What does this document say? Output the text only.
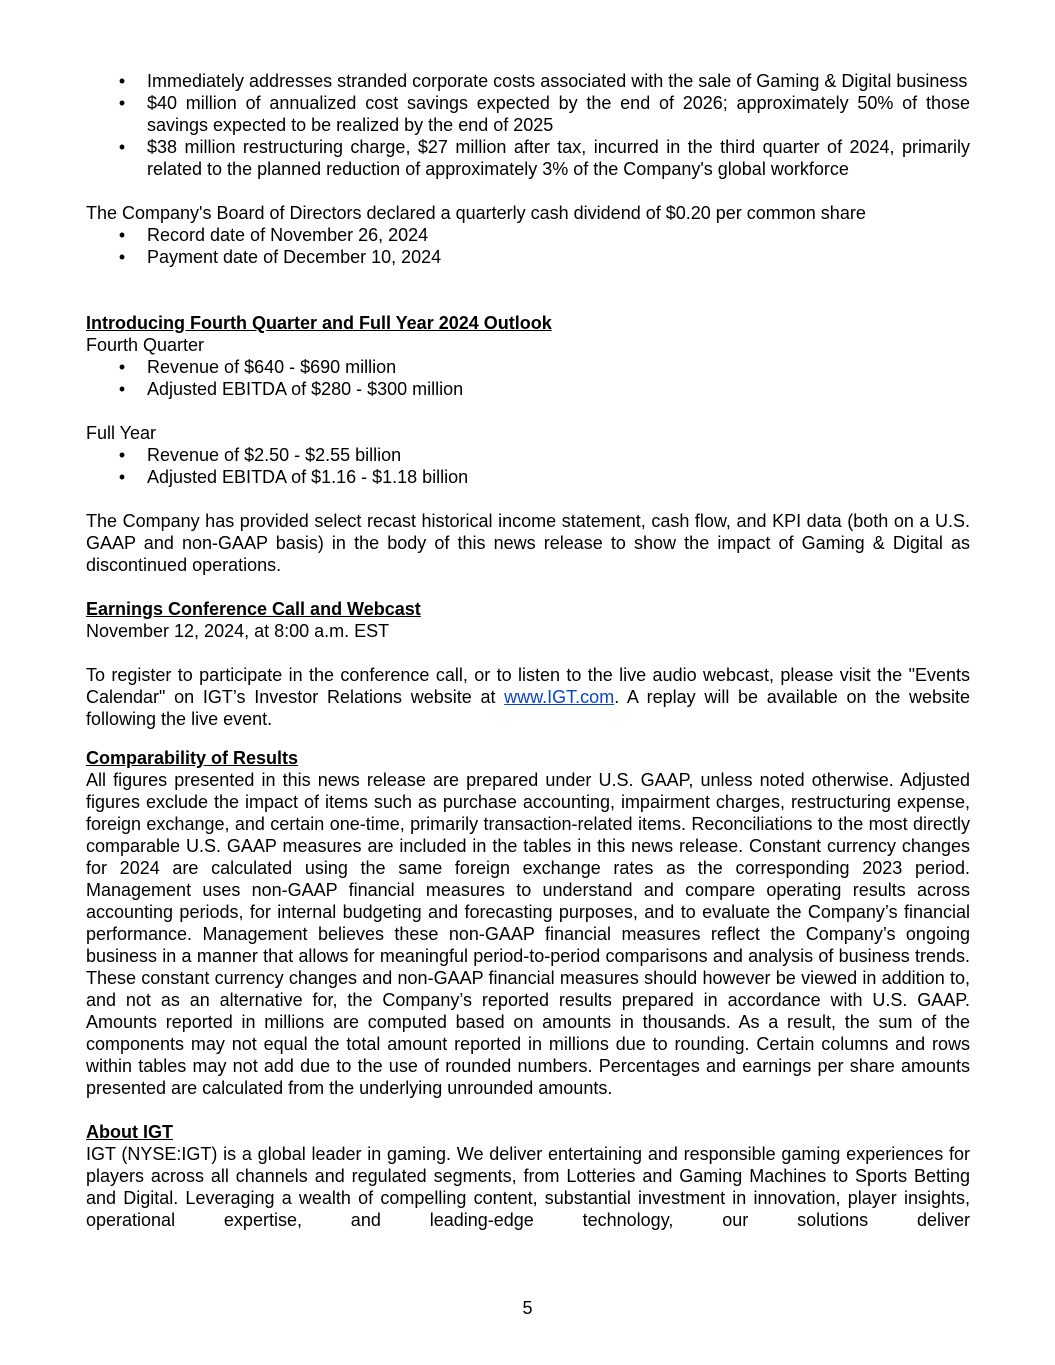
• Immediately addresses stranded corporate costs associated with the sale of Gaming & Digital business
• $40 million of annualized cost savings expected by the end of 2026; approximately 50% of those savings expected to be realized by the end of 2025
• $38 million restructuring charge, $27 million after tax, incurred in the third quarter of 2024, primarily related to the planned reduction of approximately 3% of the Company's global workforce

The Company's Board of Directors declared a quarterly cash dividend of $0.20 per common share

• Record date of November 26, 2024
• Payment date of December 10, 2024

Introducing Fourth Quarter and Full Year 2024 Outlook

Fourth Quarter

• Revenue of $640 - $690 million
• Adjusted EBITDA of $280 - $300 million

Full Year

• Revenue of $2.50 - $2.55 billion
• Adjusted EBITDA of $1.16 - $1.18 billion

The Company has provided select recast historical income statement, cash flow, and KPI data (both on a U.S. GAAP and non-GAAP basis) in the body of this news release to show the impact of Gaming & Digital as discontinued operations.

Earnings Conference Call and Webcast

November 12, 2024, at 8:00 a.m. EST

To register to participate in the conference call, or to listen to the live audio webcast, please visit the "Events Calendar" on IGT’s Investor Relations website at www.IGT.com. A replay will be available on the website following the live event.

Comparability of Results

All figures presented in this news release are prepared under U.S. GAAP, unless noted otherwise. Adjusted figures exclude the impact of items such as purchase accounting, impairment charges, restructuring expense, foreign exchange, and certain one-time, primarily transaction-related items. Reconciliations to the most directly comparable U.S. GAAP measures are included in the tables in this news release. Constant currency changes for 2024 are calculated using the same foreign exchange rates as the corresponding 2023 period. Management uses non-GAAP financial measures to understand and compare operating results across accounting periods, for internal budgeting and forecasting purposes, and to evaluate the Company’s financial performance. Management believes these non-GAAP financial measures reflect the Company’s ongoing business in a manner that allows for meaningful period-to-period comparisons and analysis of business trends. These constant currency changes and non-GAAP financial measures should however be viewed in addition to, and not as an alternative for, the Company’s reported results prepared in accordance with U.S. GAAP. Amounts reported in millions are computed based on amounts in thousands. As a result, the sum of the components may not equal the total amount reported in millions due to rounding. Certain columns and rows within tables may not add due to the use of rounded numbers. Percentages and earnings per share amounts presented are calculated from the underlying unrounded amounts.

About IGT

IGT (NYSE:IGT) is a global leader in gaming. We deliver entertaining and responsible gaming experiences for players across all channels and regulated segments, from Lotteries and Gaming Machines to Sports Betting and Digital. Leveraging a wealth of compelling content, substantial investment in innovation, player insights, operational expertise, and leading-edge technology, our solutions deliver

5
